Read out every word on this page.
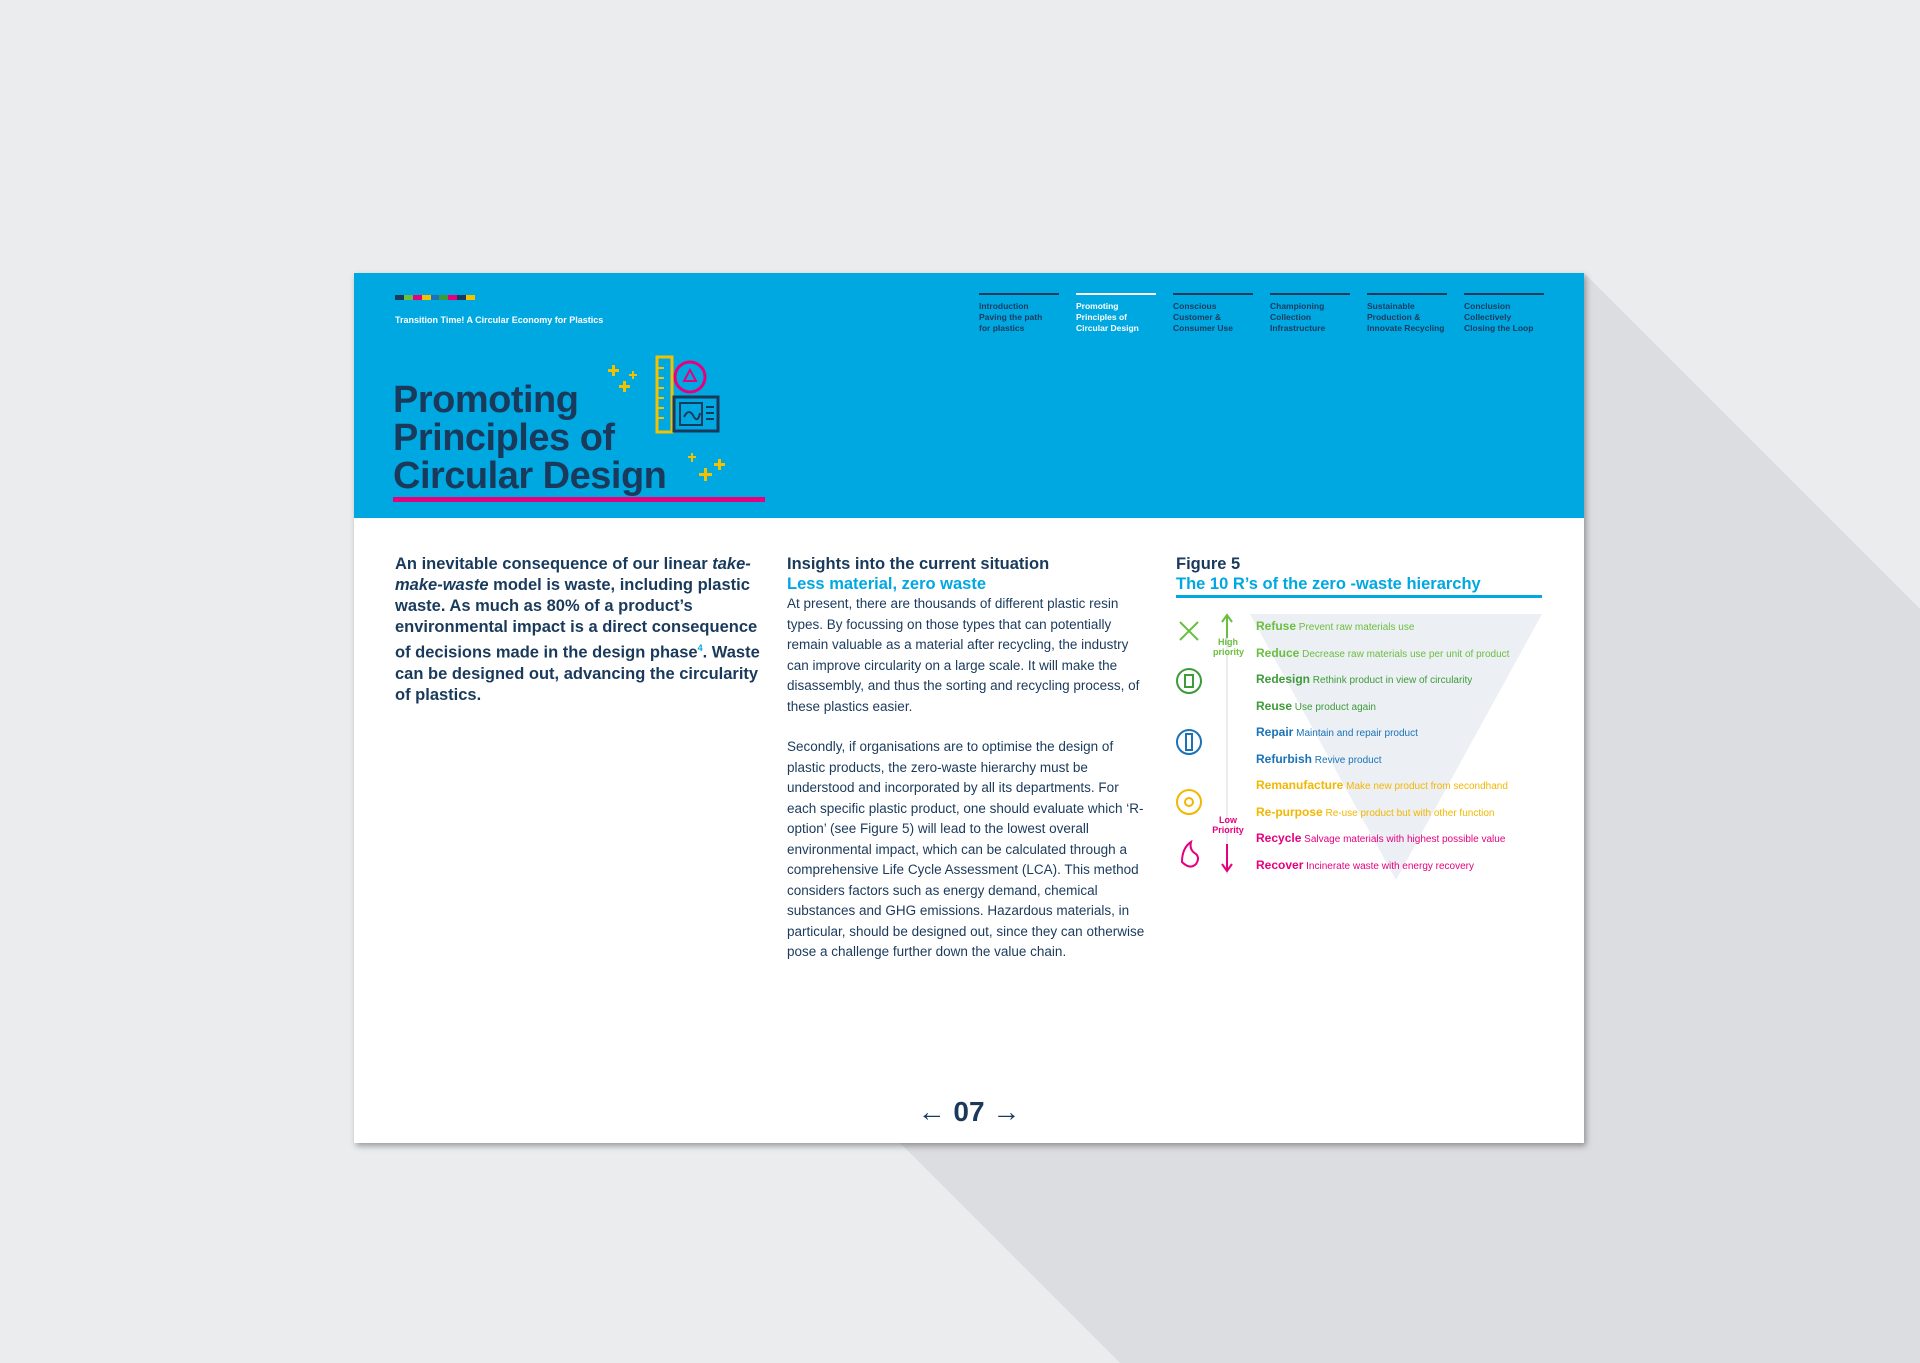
Transition Time! A Circular Economy for Plastics
Introduction
Paving the path
for plastics
Promoting
Principles of
Circular Design
Conscious
Customer &
Consumer Use
Championing
Collection
Infrastructure
Sustainable
Production &
Innovate Recycling
Conclusion
Collectively
Closing the Loop
Promoting
Principles of
Circular Design
An inevitable consequence of our linear take-make-waste model is waste, including plastic waste. As much as 80% of a product’s environmental impact is a direct consequence of decisions made in the design phase$^4$. Waste can be designed out, advancing the circularity of plastics.
Insights into the current situation
Less material, zero waste

At present, there are thousands of different plastic resin types. By focussing on those types that can potentially remain valuable as a material after recycling, the industry can improve circularity on a large scale. It will make the disassembly, and thus the sorting and recycling process, of these plastics easier.

Secondly, if organisations are to optimise the design of plastic products, the zero-waste hierarchy must be understood and incorporated by all its departments. For each specific plastic product, one should evaluate which ‘R-option’ (see Figure 5) will lead to the lowest overall environmental impact, which can be calculated through a comprehensive Life Cycle Assessment (LCA). This method considers factors such as energy demand, chemical substances and GHG emissions. Hazardous materials, in particular, should be designed out, since they can otherwise pose a challenge further down the value chain.

Figure 5
The 10 R’s of the zero -waste hierarchy
High
priority
Low
Priority
Refuse Prevent raw materials use
Reduce Decrease raw materials use per unit of product
Redesign Rethink product in view of circularity
Reuse Use product again
Repair Maintain and repair product
Refurbish Revive product
Remanufacture Make new product from secondhand
Re-purpose Re-use product but with other function
Recycle Salvage materials with highest possible value
Recover Incinerate waste with energy recovery
← 07 →
